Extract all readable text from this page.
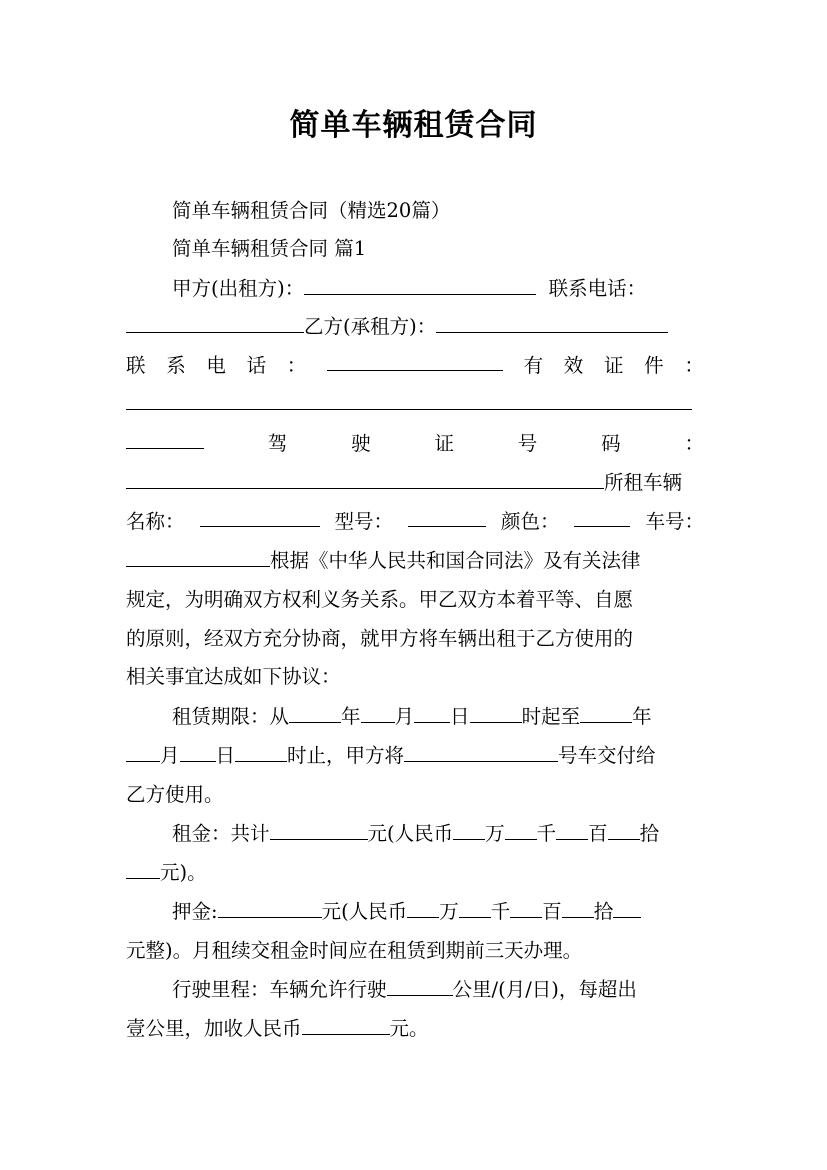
简单车辆租赁合同
简单车辆租赁合同（精选20篇）
简单车辆租赁合同 篇1
甲方(出租方)：	联系电话：
乙方(承租方)：
联 系 电 话 ：	有 效 证 件 ：
驾	驶	证	号	码	：
所租车辆
名称：	型号：	颜色：	车号：
根据《中华人民共和国合同法》及有关法律
规定，为明确双方权利义务关系。甲乙双方本着平等、自愿
的原则，经双方充分协商，就甲方将车辆出租于乙方使用的
相关事宜达成如下协议：
租赁期限：从	年 月 日	时起至	年
月 日	时止，甲方将	号车交付给
乙方使用。
租金：共计	元(人民币 万 千 百 拾
元)。
押金:	元(人民币 万 千 百 拾
元整)。月租续交租金时间应在租赁到期前三天办理。
行驶里程：车辆允许行驶	公里/(月/日)，每超出
壹公里，加收人民币	元。
